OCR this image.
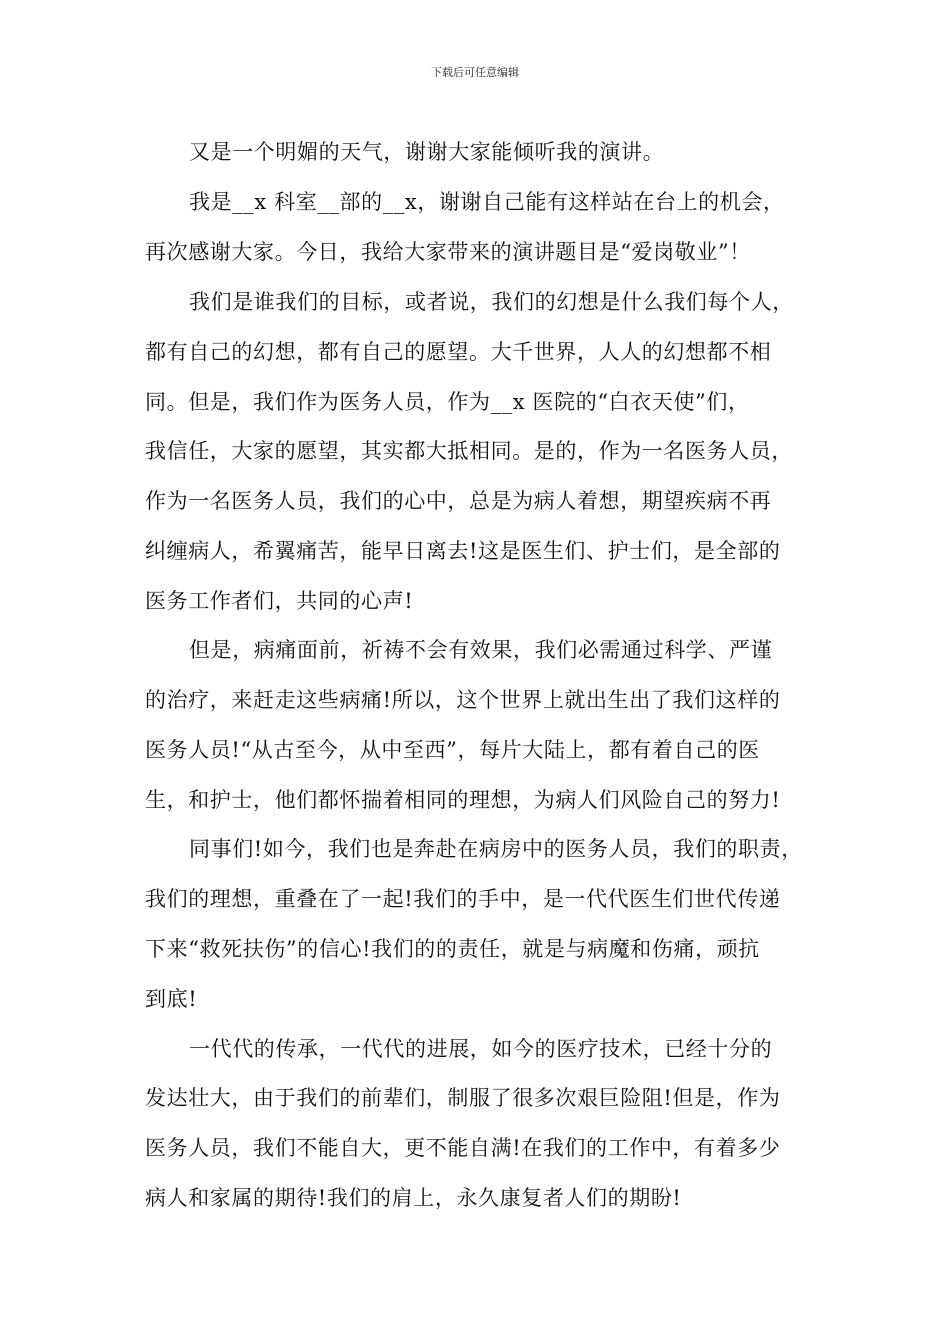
下载后可任意编辑
又是一个明媚的天气，谢谢大家能倾听我的演讲。
我是__x 科室__部的__x，谢谢自己能有这样站在台上的机会，
再次感谢大家。今日，我给大家带来的演讲题目是“爱岗敬业”！
我们是谁我们的目标，或者说，我们的幻想是什么我们每个人，
都有自己的幻想，都有自己的愿望。大千世界，人人的幻想都不相
同。但是，我们作为医务人员，作为__x 医院的“白衣天使”们，
我信任，大家的愿望，其实都大抵相同。是的，作为一名医务人员，
作为一名医务人员，我们的心中，总是为病人着想，期望疾病不再
纠缠病人，希翼痛苦，能早日离去!这是医生们、护士们，是全部的
医务工作者们，共同的心声!
但是，病痛面前，祈祷不会有效果，我们必需通过科学、严谨
的治疗，来赶走这些病痛!所以，这个世界上就出生出了我们这样的
医务人员!“从古至今，从中至西”，每片大陆上，都有着自己的医
生，和护士，他们都怀揣着相同的理想，为病人们风险自己的努力!
同事们!如今，我们也是奔赴在病房中的医务人员，我们的职责，
我们的理想，重叠在了一起!我们的手中，是一代代医生们世代传递
下来“救死扶伤”的信心!我们的的责任，就是与病魔和伤痛，顽抗
到底!
一代代的传承，一代代的进展，如今的医疗技术，已经十分的
发达壮大，由于我们的前辈们，制服了很多次艰巨险阻!但是，作为
医务人员，我们不能自大，更不能自满!在我们的工作中，有着多少
病人和家属的期待!我们的肩上，永久康复者人们的期盼!
